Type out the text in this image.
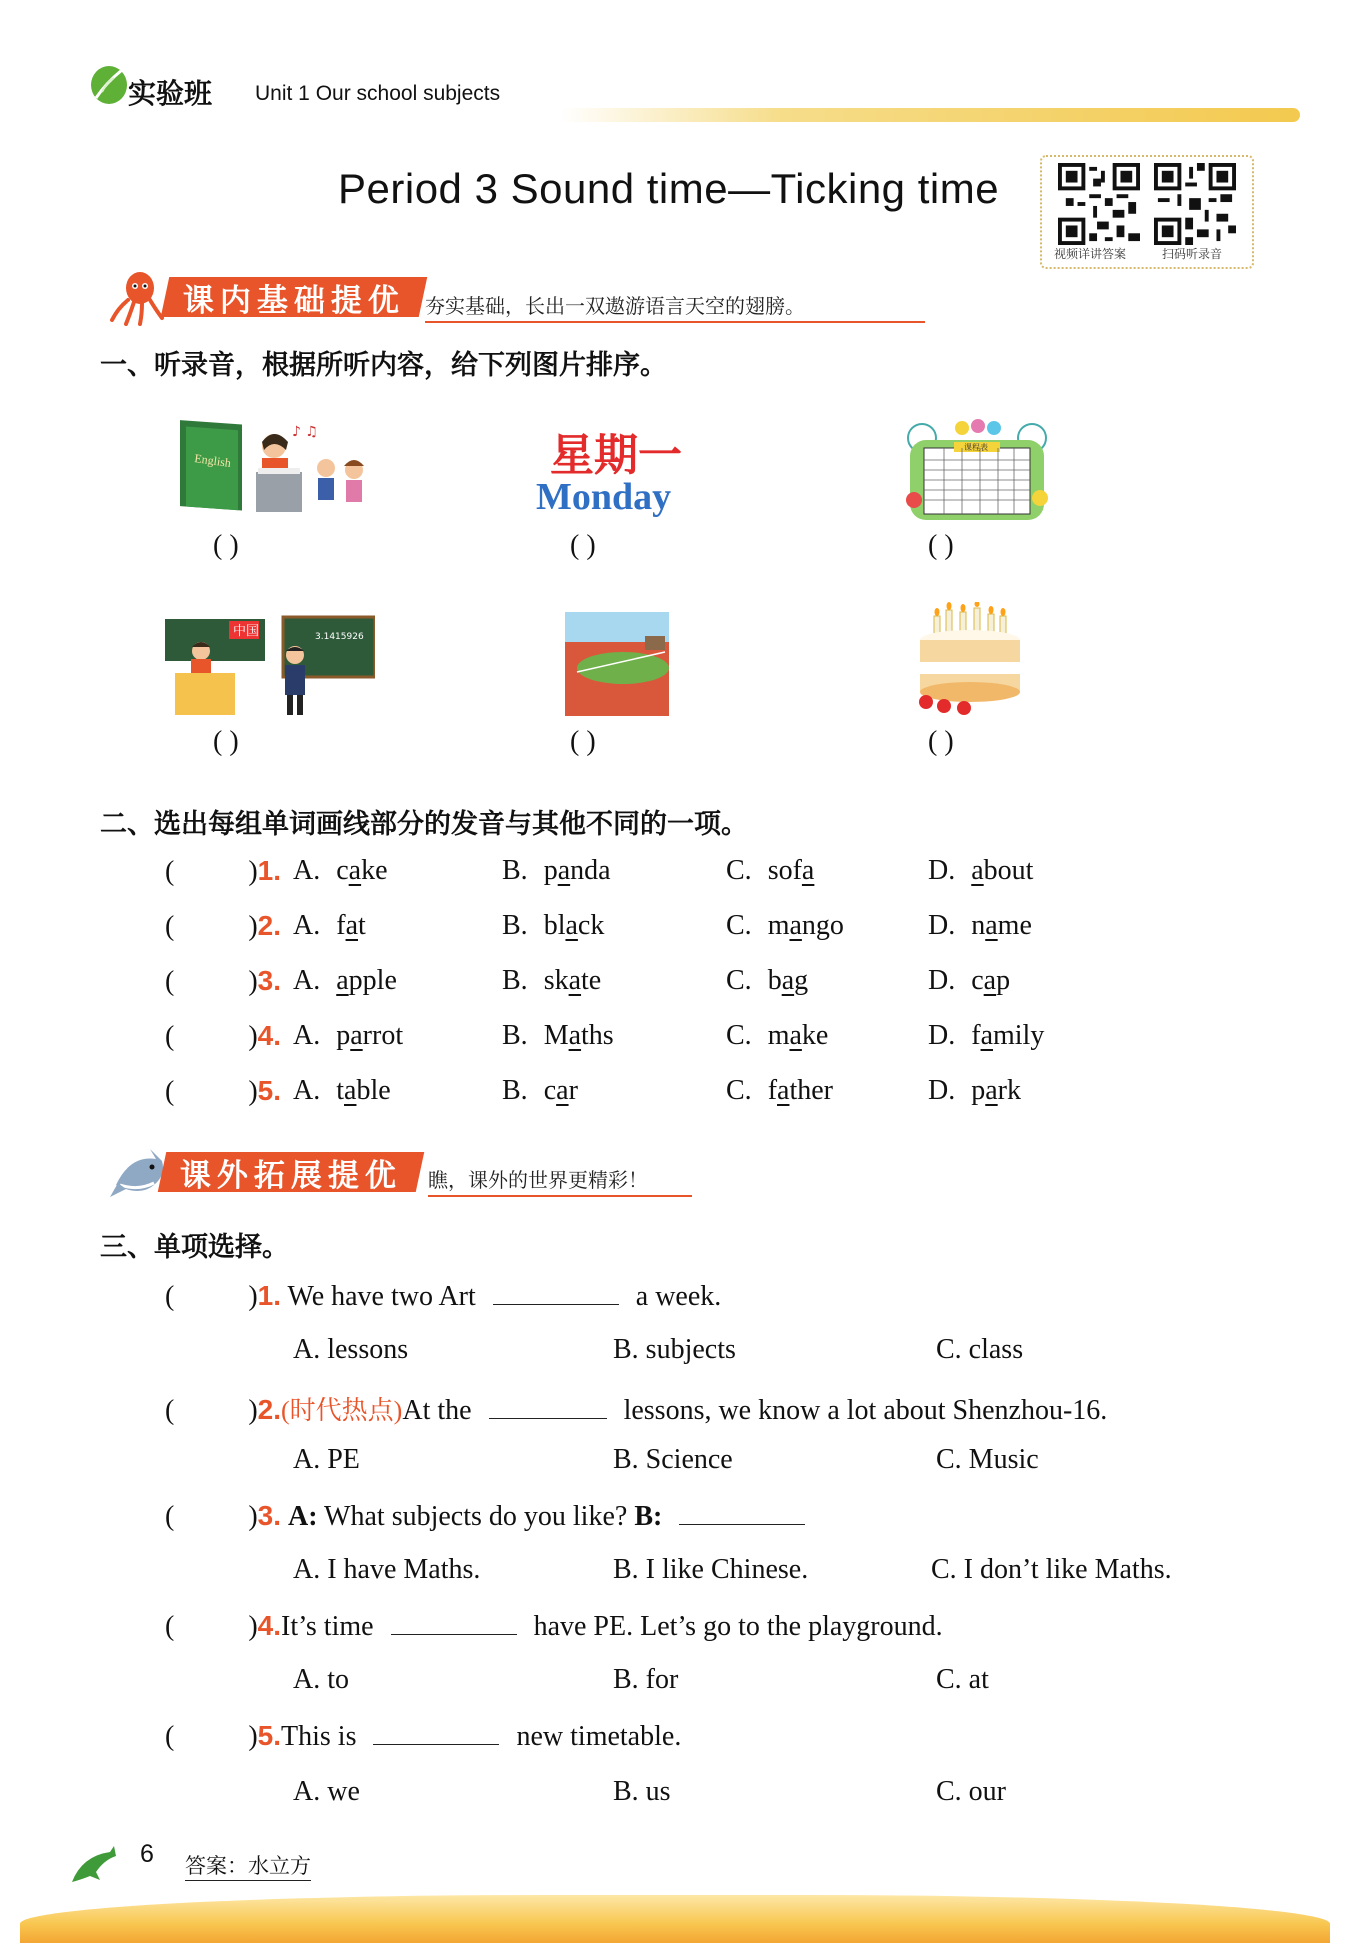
实验班 Unit 1 Our school subjects
Period 3 Sound time—Ticking time
视频详讲答案	扫码听录音
课内基础提优 夯实基础，长出一双遨游语言天空的翅膀。
一、听录音，根据所听内容，给下列图片排序。
English
♪ ♫
( )
星期一
Monday
( )
课程表
( )
中国	3.1415926
( )	( )	( )
二、选出每组单词画线部分的发音与其他不同的一项。
(	)1. A. cake	B. panda	C. sofa	D. about
(	)2. A. fat	B. black	C. mango	D. name
(	)3. A. apple	B. skate	C. bag	D. cap
(	)4. A. parrot	B. Maths	C. make	D. family
(	)5. A. table	B. car	C. father	D. park
课外拓展提优 瞧，课外的世界更精彩！
三、单项选择。
(	)1. We have two Art	a week.
A. lessons	B. subjects	C. class
(	)2.(时代热点)At the	lessons, we know a lot about Shenzhou-16.
A. PE	B. Science	C. Music
(	)3. A: What subjects do you like? B:
A. I have Maths.	B. I like Chinese.	C. I don’t like Maths.
(	)4.It’s time	have PE. Let’s go to the playground.
A. to	B. for	C. at
(	)5.This is	new timetable.
A. we	B. us	C. our
6 答案：水立方
